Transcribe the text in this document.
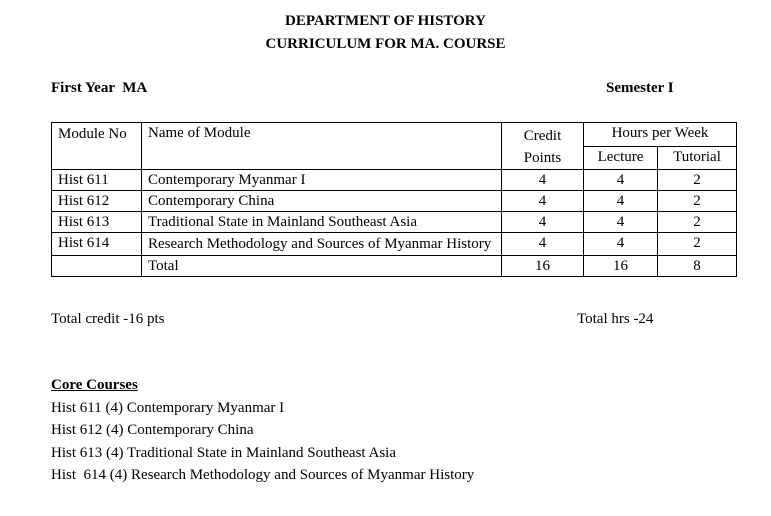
DEPARTMENT OF HISTORY
CURRICULUM FOR MA. COURSE
First Year  MA	Semester I
Module No	Name of Module	Credit Points	Hours per Week	
			Lecture	Tutorial
Hist 611	Contemporary Myanmar I	4	4	2
Hist 612	Contemporary China	4	4	2
Hist 613	Traditional State in Mainland Southeast Asia	4	4	2
Hist 614	Research Methodology and Sources of Myanmar History	4	4	2
	Total	16	16	8
Total credit -16 pts	Total hrs -24
Core Courses
Hist 611 (4) Contemporary Myanmar I
Hist 612 (4) Contemporary China
Hist 613 (4) Traditional State in Mainland Southeast Asia
Hist  614 (4) Research Methodology and Sources of Myanmar History
